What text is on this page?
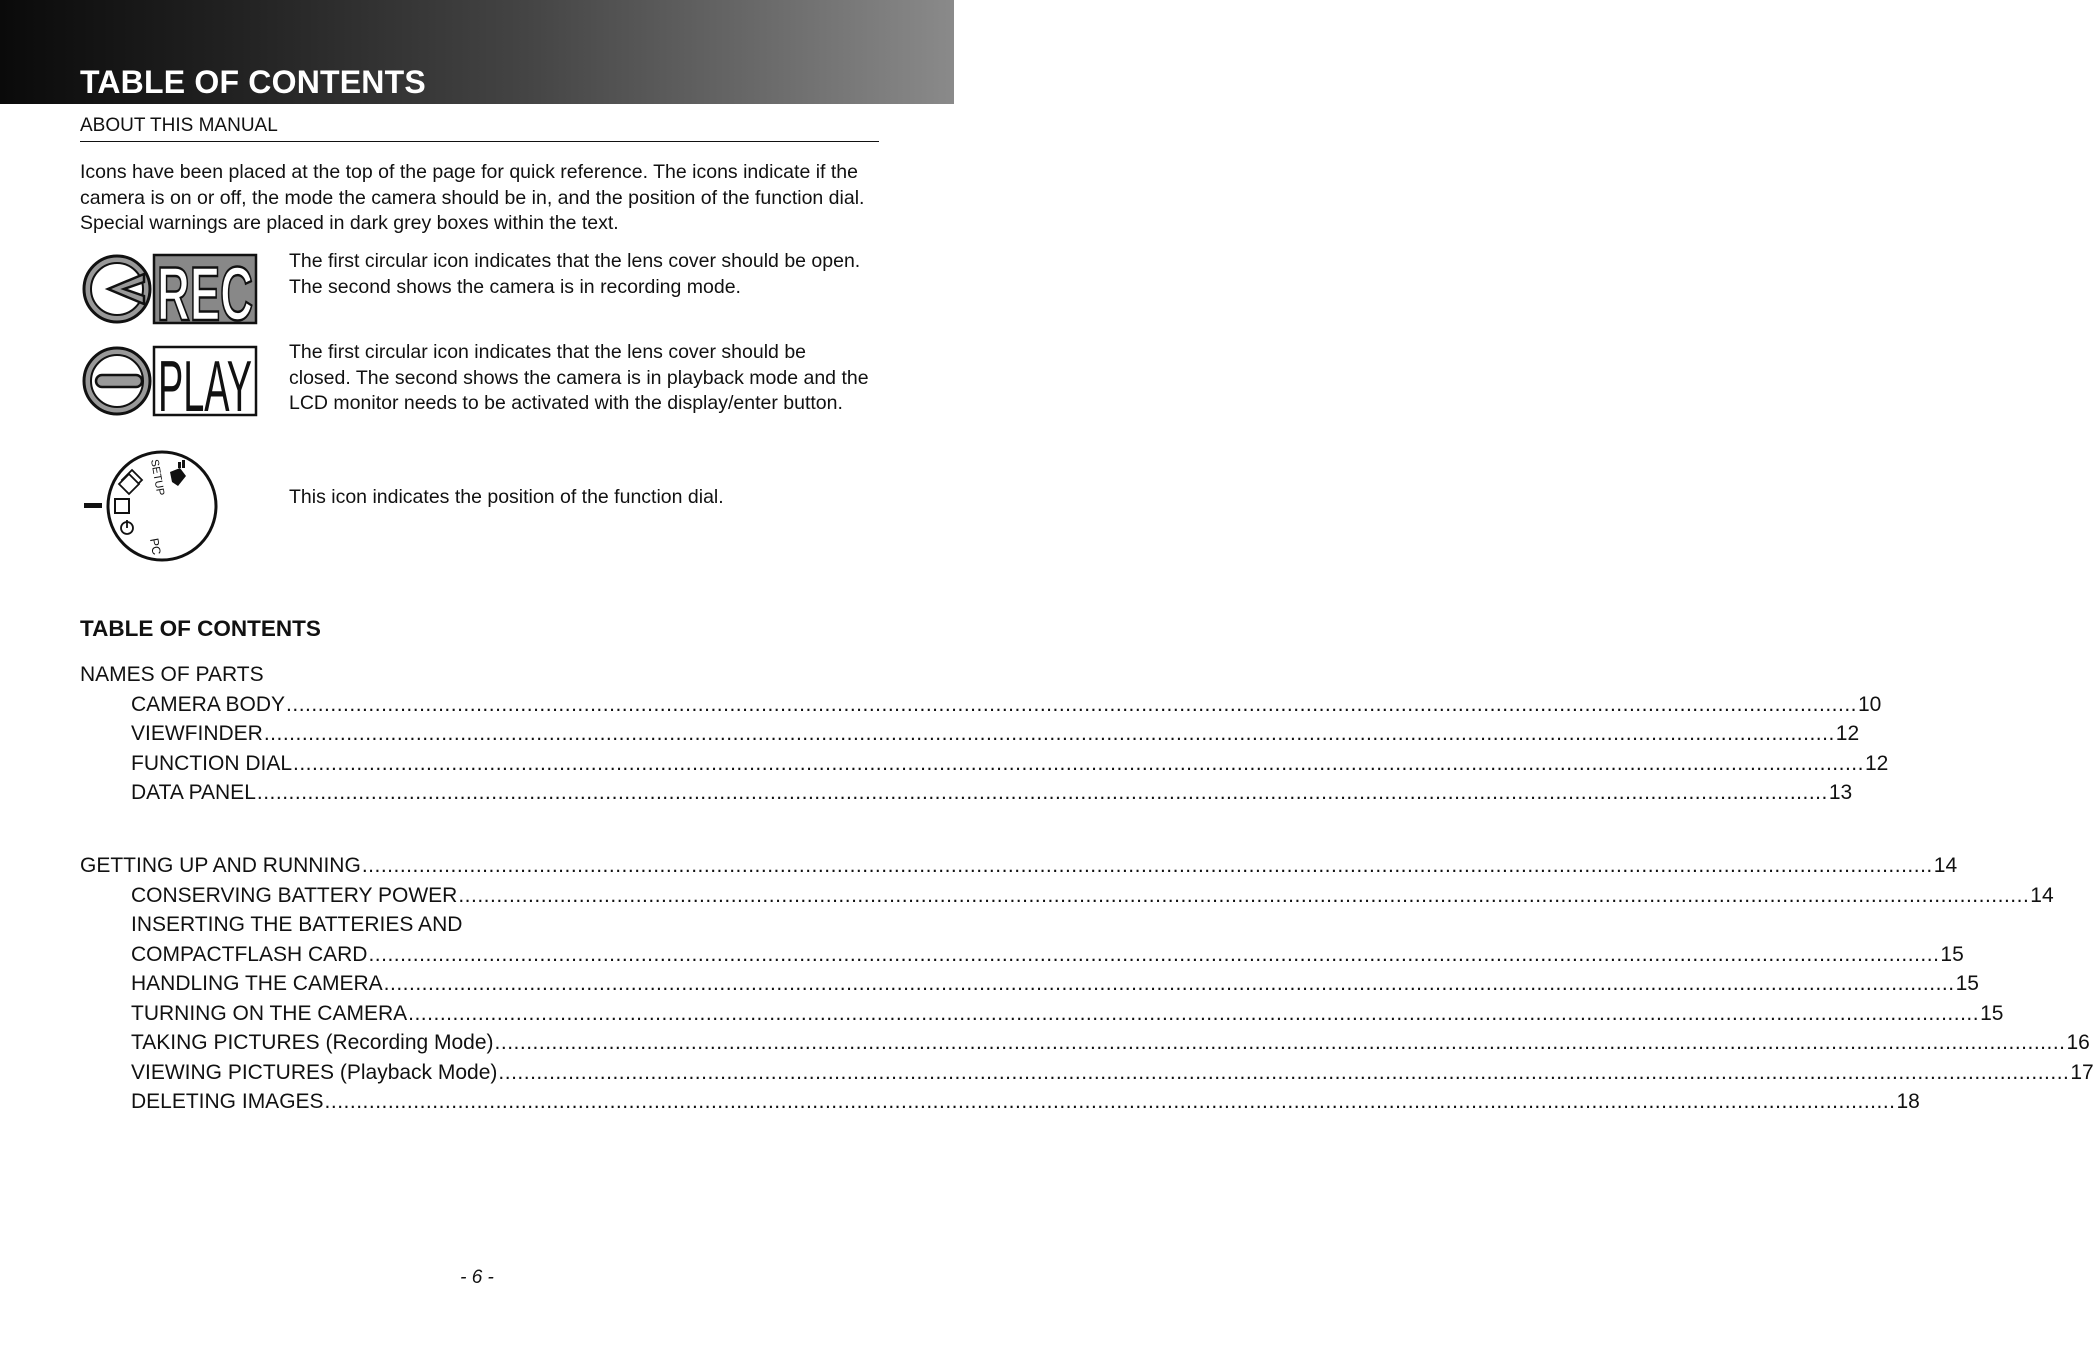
TABLE OF CONTENTS
ABOUT THIS MANUAL

Icons have been placed at the top of the page for quick reference. The icons indicate if the camera is on or off, the mode the camera should be in, and the position of the function dial. Special warnings are placed in dark grey boxes within the text.

REC The first circular icon indicates that the lens cover should be open. The second shows the camera is in recording mode.

PLAY The first circular icon indicates that the lens cover should be closed. The second shows the camera is in playback mode and the LCD monitor needs to be activated with the display/enter button.

SETUP
PC

This icon indicates the position of the function dial.

TABLE OF CONTENTS
NAMES OF PARTS
CAMERA BODY .....	10
VIEWFINDER .....	12
FUNCTION DIAL .....	12
DATA PANEL .....	13
GETTING UP AND RUNNING .....	14
CONSERVING BATTERY POWER .....	14
INSERTING THE BATTERIES AND
COMPACTFLASH CARD .....	15
HANDLING THE CAMERA .....	15
TURNING ON THE CAMERA .....	15
TAKING PICTURES (Recording Mode) .....	16
VIEWING PICTURES (Playback Mode) .....	17
DELETING IMAGES .....	18
- 6 -
